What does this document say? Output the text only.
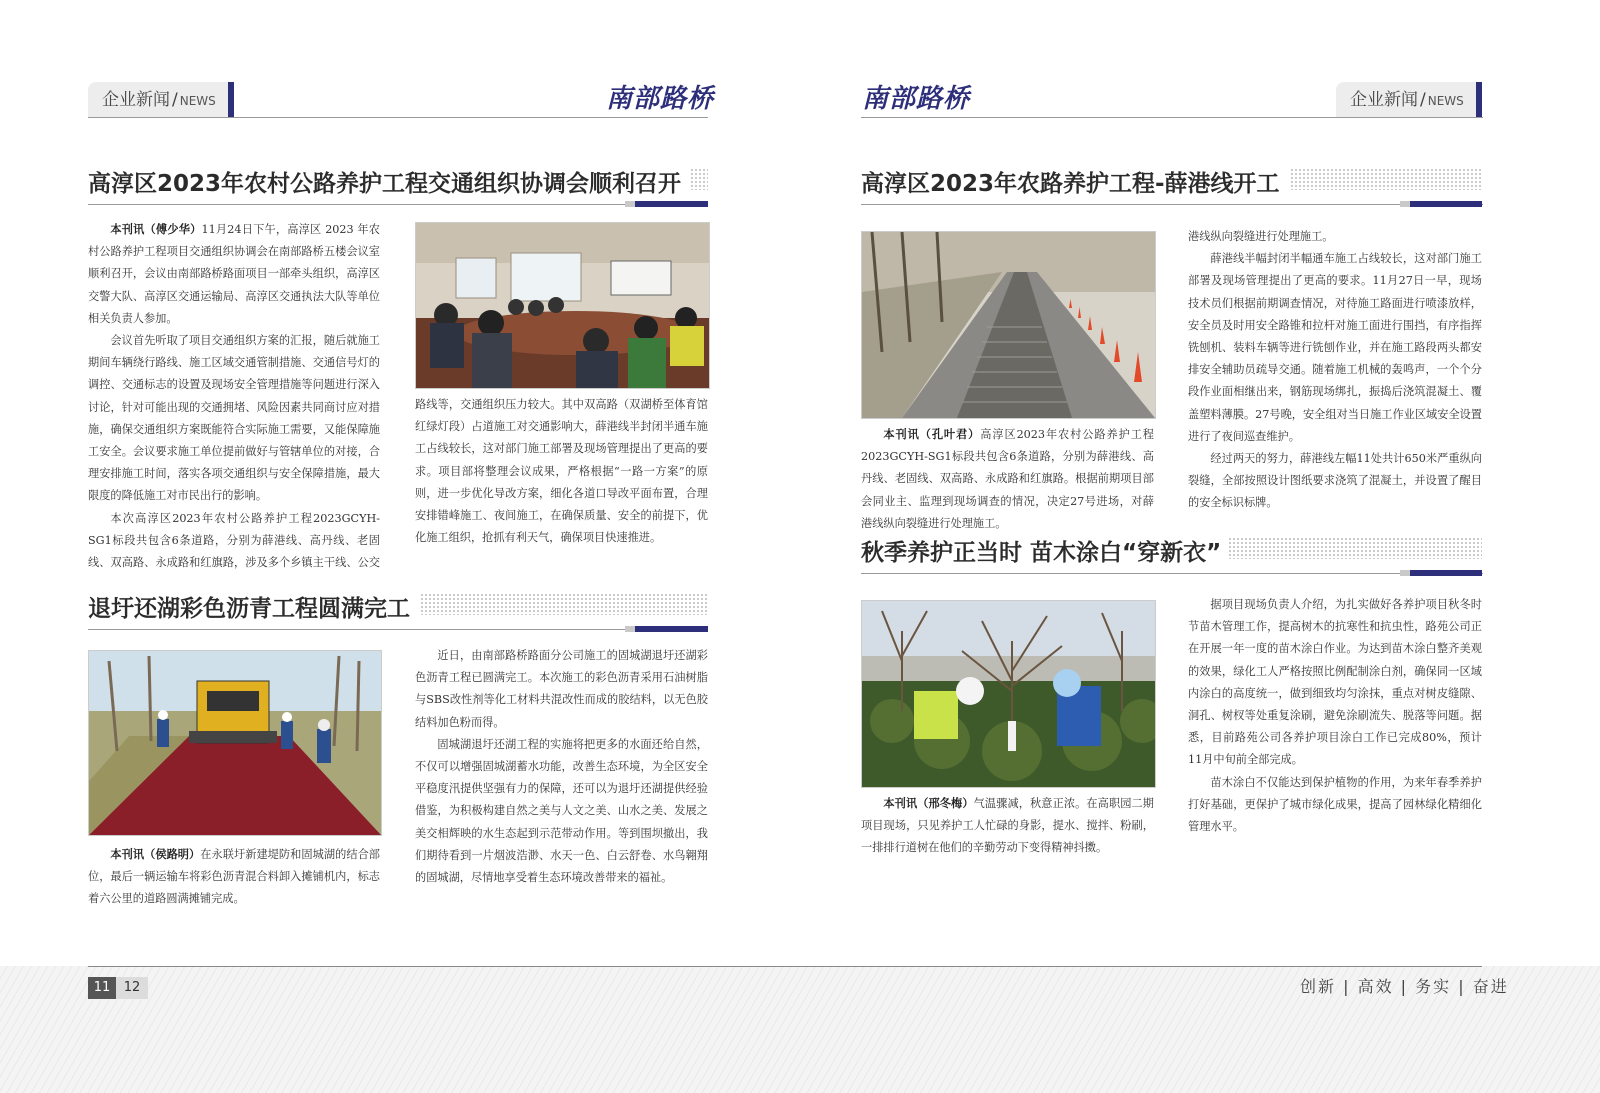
企业新闻 / NEWS	南部路桥	南部路桥	企业新闻 / NEWS
高淳区2023年农村公路养护工程交通组织协调会顺利召开

本刊讯（傅少华）11月24日下午，高淳区 2023 年农村公路养护工程项目交通组织协调会在南部路桥五楼会议室顺利召开，会议由南部路桥路面项目一部牵头组织，高淳区交警大队、高淳区交通运输局、高淳区交通执法大队等单位相关负责人参加。

会议首先听取了项目交通组织方案的汇报，随后就施工期间车辆绕行路线、施工区域交通管制措施、交通信号灯的调控、交通标志的设置及现场安全管理措施等问题进行深入讨论，针对可能出现的交通拥堵、风险因素共同商讨应对措施，确保交通组织方案既能符合实际施工需要，又能保障施工安全。会议要求施工单位提前做好与管辖单位的对接，合理安排施工时间，落实各项交通组织与安全保障措施，最大限度的降低施工对市民出行的影响。

本次高淳区2023年农村公路养护工程2023GCYH-SG1标段共包含6条道路，分别为薛港线、高丹线、老固线、双高路、永成路和红旗路，涉及多个乡镇主干线、公交

路线等，交通组织压力较大。其中双高路（双湖桥至体育馆红绿灯段）占道施工对交通影响大，薛港线半封闭半通车施工占线较长，这对部门施工部署及现场管理提出了更高的要求。项目部将整理会议成果，严格根据“一路一方案”的原则，进一步优化导改方案，细化各道口导改平面布置，合理安排错峰施工、夜间施工，在确保质量、安全的前提下，优化施工组织，抢抓有利天气，确保项目快速推进。

退圩还湖彩色沥青工程圆满完工

本刊讯（侯路明）在永联圩新建堤防和固城湖的结合部位，最后一辆运输车将彩色沥青混合料卸入摊铺机内，标志着六公里的道路圆满摊铺完成。

近日，由南部路桥路面分公司施工的固城湖退圩还湖彩色沥青工程已圆满完工。本次施工的彩色沥青采用石油树脂与SBS改性剂等化工材料共混改性而成的胶结料，以无色胶结料加色粉而得。

固城湖退圩还湖工程的实施将把更多的水面还给自然，不仅可以增强固城湖蓄水功能，改善生态环境，为全区安全平稳度汛提供坚强有力的保障，还可以为退圩还湖提供经验借鉴，为积极构建自然之美与人文之美、山水之美、发展之美交相辉映的水生态起到示范带动作用。等到围坝撤出，我们期待看到一片烟波浩渺、水天一色、白云舒卷、水鸟翱翔的固城湖，尽情地享受着生态环境改善带来的福祉。

高淳区2023年农路养护工程-薛港线开工

本刊讯（孔叶君）高淳区2023年农村公路养护工程2023GCYH-SG1标段共包含6条道路，分别为薛港线、高丹线、老固线、双高路、永成路和红旗路。根据前期项目部会同业主、监理到现场调查的情况，决定27号进场，对薛港线纵向裂缝进行处理施工。

港线纵向裂缝进行处理施工。

薛港线半幅封闭半幅通车施工占线较长，这对部门施工部署及现场管理提出了更高的要求。11月27日一早，现场技术员们根据前期调查情况，对待施工路面进行喷漆放样，安全员及时用安全路锥和拉杆对施工面进行围挡，有序指挥铣刨机、装料车辆等进行铣刨作业，并在施工路段两头都安排安全辅助员疏导交通。随着施工机械的轰鸣声，一个个分段作业面相继出来，钢筋现场绑扎，振捣后浇筑混凝土、覆盖塑料薄膜。27号晚，安全组对当日施工作业区域安全设置进行了夜间巡查维护。

经过两天的努力，薛港线左幅11处共计650米严重纵向裂缝，全部按照设计图纸要求浇筑了混凝土，并设置了醒目的安全标识标牌。

秋季养护正当时 苗木涂白“穿新衣”

本刊讯（邢冬梅）气温骤减，秋意正浓。在高职园二期项目现场，只见养护工人忙碌的身影，提水、搅拌、粉刷，一排排行道树在他们的辛勤劳动下变得精神抖擞。

据项目现场负责人介绍，为扎实做好各养护项目秋冬时节苗木管理工作，提高树木的抗寒性和抗虫性，路苑公司正在开展一年一度的苗木涂白作业。为达到苗木涂白整齐美观的效果，绿化工人严格按照比例配制涂白剂，确保同一区域内涂白的高度统一，做到细致均匀涂抹，重点对树皮缝隙、洞孔、树杈等处重复涂刷，避免涂刷流失、脱落等问题。据悉，目前路苑公司各养护项目涂白工作已完成80%，预计11月中旬前全部完成。

苗木涂白不仅能达到保护植物的作用，为来年春季养护打好基础，更保护了城市绿化成果，提高了园林绿化精细化管理水平。

11	12	创新 | 高效 | 务实 | 奋进
